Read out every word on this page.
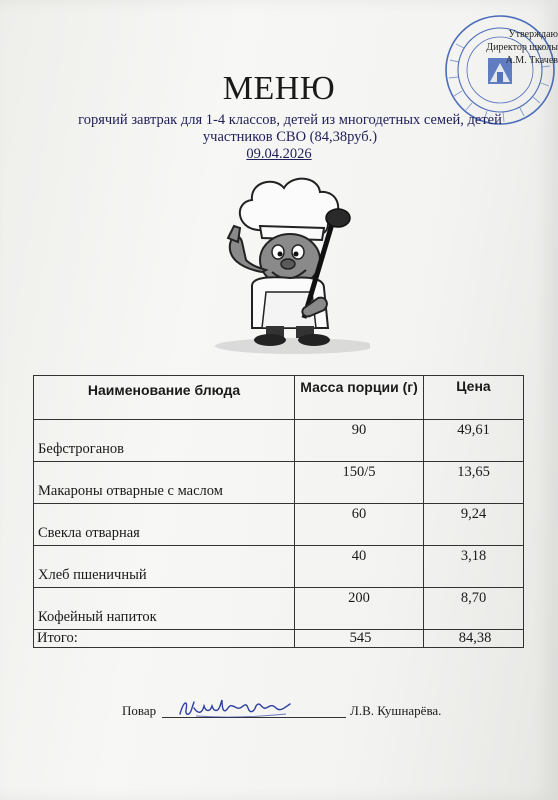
Утверждаю
Директор школы
А.М. Ткачев
МЕНЮ
горячий завтрак для 1-4 классов, детей из многодетных семей, детей участников СВО (84,38руб.)
09.04.2026
Наименование блюда	Масса порции (г)	Цена
Бефстроганов	90	49,61
Макароны отварные с маслом	150/5	13,65
Свекла отварная	60	9,24
Хлеб пшеничный	40	3,18
Кофейный напиток	200	8,70
Итого:	545	84,38
Повар	Л.В. Кушнарёва.
